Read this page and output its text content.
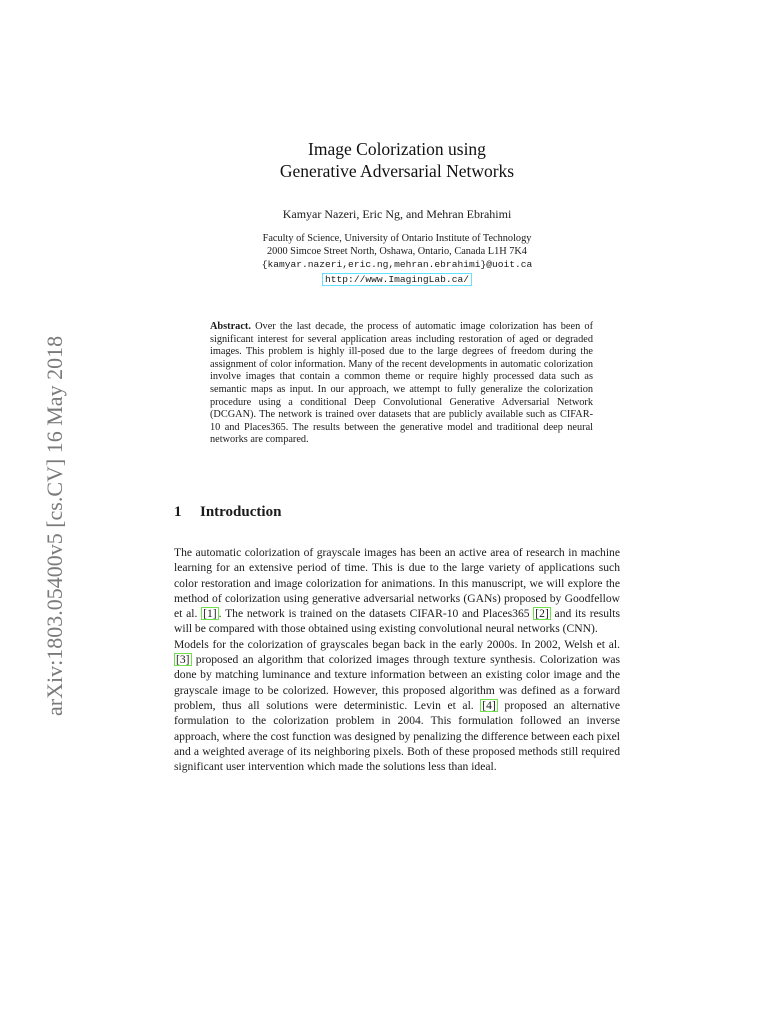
arXiv:1803.05400v5 [cs.CV] 16 May 2018
Image Colorization using
Generative Adversarial Networks
Kamyar Nazeri, Eric Ng, and Mehran Ebrahimi
Faculty of Science, University of Ontario Institute of Technology
2000 Simcoe Street North, Oshawa, Ontario, Canada L1H 7K4
{kamyar.nazeri,eric.ng,mehran.ebrahimi}@uoit.ca
http://www.ImagingLab.ca/
Abstract. Over the last decade, the process of automatic image colorization has been of significant interest for several application areas including restoration of aged or degraded images. This problem is highly ill-posed due to the large degrees of freedom during the assignment of color information. Many of the recent developments in automatic colorization involve images that contain a common theme or require highly processed data such as semantic maps as input. In our approach, we attempt to fully generalize the colorization procedure using a conditional Deep Convolutional Generative Adversarial Network (DCGAN). The network is trained over datasets that are publicly available such as CIFAR-10 and Places365. The results between the generative model and traditional deep neural networks are compared.
1 Introduction

The automatic colorization of grayscale images has been an active area of research in machine learning for an extensive period of time. This is due to the large variety of applications such color restoration and image colorization for animations. In this manuscript, we will explore the method of colorization using generative adversarial networks (GANs) proposed by Goodfellow et al. [1] . The network is trained on the datasets CIFAR-10 and Places365 [2] and its results will be compared with those obtained using existing convolutional neural networks (CNN).

Models for the colorization of grayscales began back in the early 2000s. In 2002, Welsh et al. [3] proposed an algorithm that colorized images through texture synthesis. Colorization was done by matching luminance and texture information between an existing color image and the grayscale image to be colorized. However, this proposed algorithm was defined as a forward problem, thus all solutions were deterministic. Levin et al. [4] proposed an alternative formulation to the colorization problem in 2004. This formulation followed an inverse approach, where the cost function was designed by penalizing the difference between each pixel and a weighted average of its neighboring pixels. Both of these proposed methods still required significant user intervention which made the solutions less than ideal.
